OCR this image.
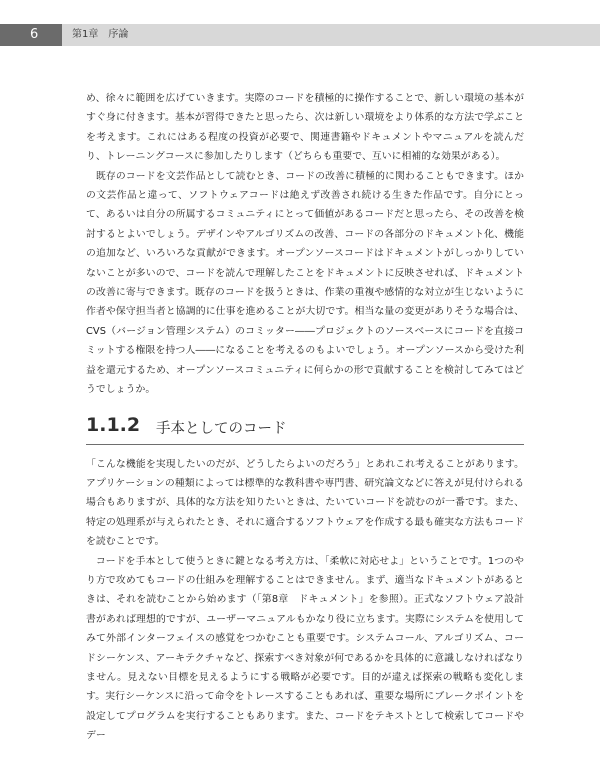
6	第1章　序論

め、徐々に範囲を広げていきます。実際のコードを積極的に操作することで、新しい環境の基本がすぐ身に付きます。基本が習得できたと思ったら、次は新しい環境をより体系的な方法で学ぶことを考えます。これにはある程度の投資が必要で、関連書籍やドキュメントやマニュアルを読んだり、トレーニングコースに参加したりします（どちらも重要で、互いに相補的な効果がある）。

既存のコードを文芸作品として読むとき、コードの改善に積極的に関わることもできます。ほかの文芸作品と違って、ソフトウェアコードは絶えず改善され続ける生きた作品です。自分にとって、あるいは自分の所属するコミュニティにとって価値があるコードだと思ったら、その改善を検討するとよいでしょう。デザインやアルゴリズムの改善、コードの各部分のドキュメント化、機能の追加など、いろいろな貢献ができます。オープンソースコードはドキュメントがしっかりしていないことが多いので、コードを読んで理解したことをドキュメントに反映させれば、ドキュメントの改善に寄与できます。既存のコードを扱うときは、作業の重複や感情的な対立が生じないように作者や保守担当者と協調的に仕事を進めることが大切です。相当な量の変更がありそうな場合は、CVS（バージョン管理システム）のコミッター――プロジェクトのソースベースにコードを直接コミットする権限を持つ人――になることを考えるのもよいでしょう。オープンソースから受けた利益を還元するため、オープンソースコミュニティに何らかの形で貢献することを検討してみてはどうでしょうか。

1.1.2 手本としてのコード

「こんな機能を実現したいのだが、どうしたらよいのだろう」とあれこれ考えることがあります。アプリケーションの種類によっては標準的な教科書や専門書、研究論文などに答えが見付けられる場合もありますが、具体的な方法を知りたいときは、たいていコードを読むのが一番です。また、特定の処理系が与えられたとき、それに適合するソフトウェアを作成する最も確実な方法もコードを読むことです。

コードを手本として使うときに鍵となる考え方は、「柔軟に対応せよ」ということです。1つのやり方で攻めてもコードの仕組みを理解することはできません。まず、適当なドキュメントがあるときは、それを読むことから始めます（「第8章　ドキュメント」を参照）。正式なソフトウェア設計書があれば理想的ですが、ユーザーマニュアルもかなり役に立ちます。実際にシステムを使用してみて外部インターフェイスの感覚をつかむことも重要です。システムコール、アルゴリズム、コードシーケンス、アーキテクチャなど、探索すべき対象が何であるかを具体的に意識しなければなりません。見えない目標を見えるようにする戦略が必要です。目的が違えば探索の戦略も変化します。実行シーケンスに沿って命令をトレースすることもあれば、重要な場所にブレークポイントを設定してプログラムを実行することもあります。また、コードをテキストとして検索してコードやデー
